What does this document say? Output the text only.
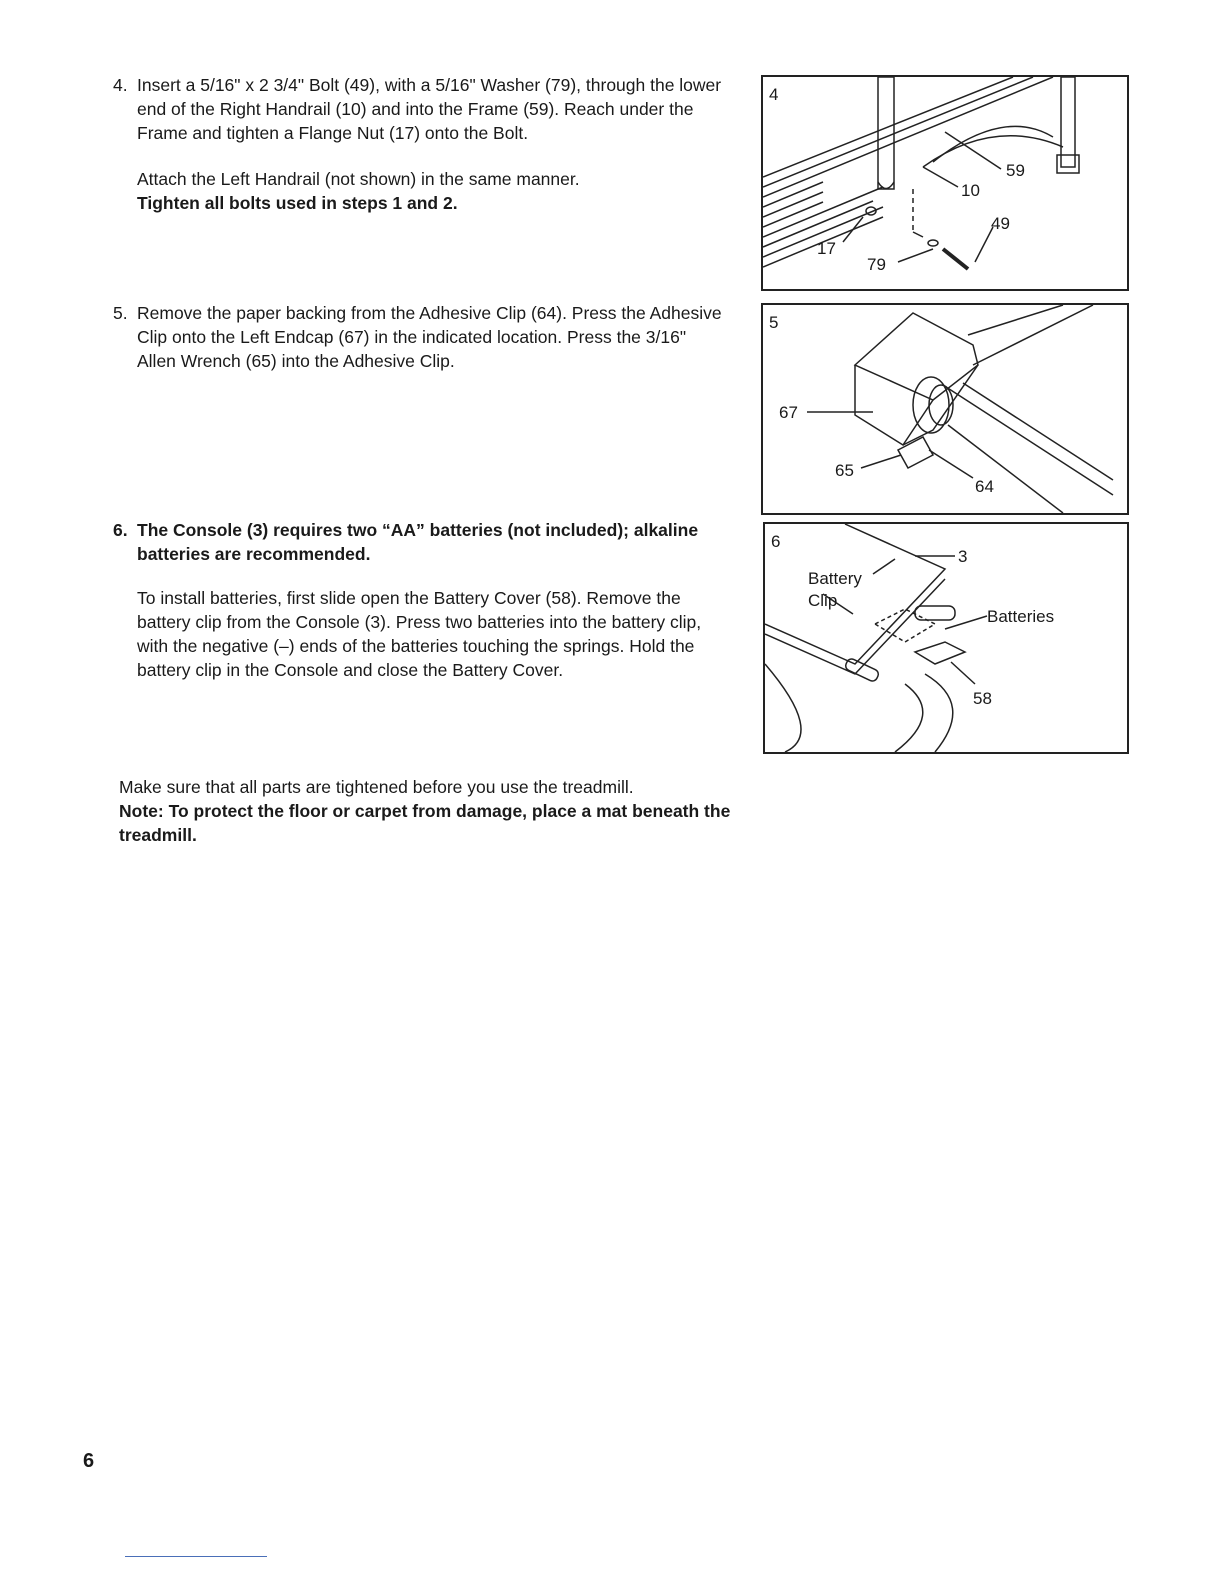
4. Insert a 5/16" x 2 3/4" Bolt (49), with a 5/16" Washer (79), through the lower end of the Right Handrail (10) and into the Frame (59). Reach under the Frame and tighten a Flange Nut (17) onto the Bolt.

Attach the Left Handrail (not shown) in the same manner.

Tighten all bolts used in steps 1 and 2.

5. Remove the paper backing from the Adhesive Clip (64). Press the Adhesive Clip onto the Left Endcap (67) in the indicated location. Press the 3/16" Allen Wrench (65) into the Adhesive Clip.

6. The Console (3) requires two “AA” batteries (not included); alkaline batteries are recommended.

To install batteries, first slide open the Battery Cover (58). Remove the battery clip from the Console (3). Press two batteries into the battery clip, with the negative (–) ends of the batteries touching the springs. Hold the battery clip in the Console and close the Battery Cover.

Make sure that all parts are tightened before you use the treadmill.

Note: To protect the floor or carpet from damage, place a mat beneath the treadmill.

4
59
10
49
17
79
5
67
65
64
6
3
Battery
Clip
Batteries
58
6
